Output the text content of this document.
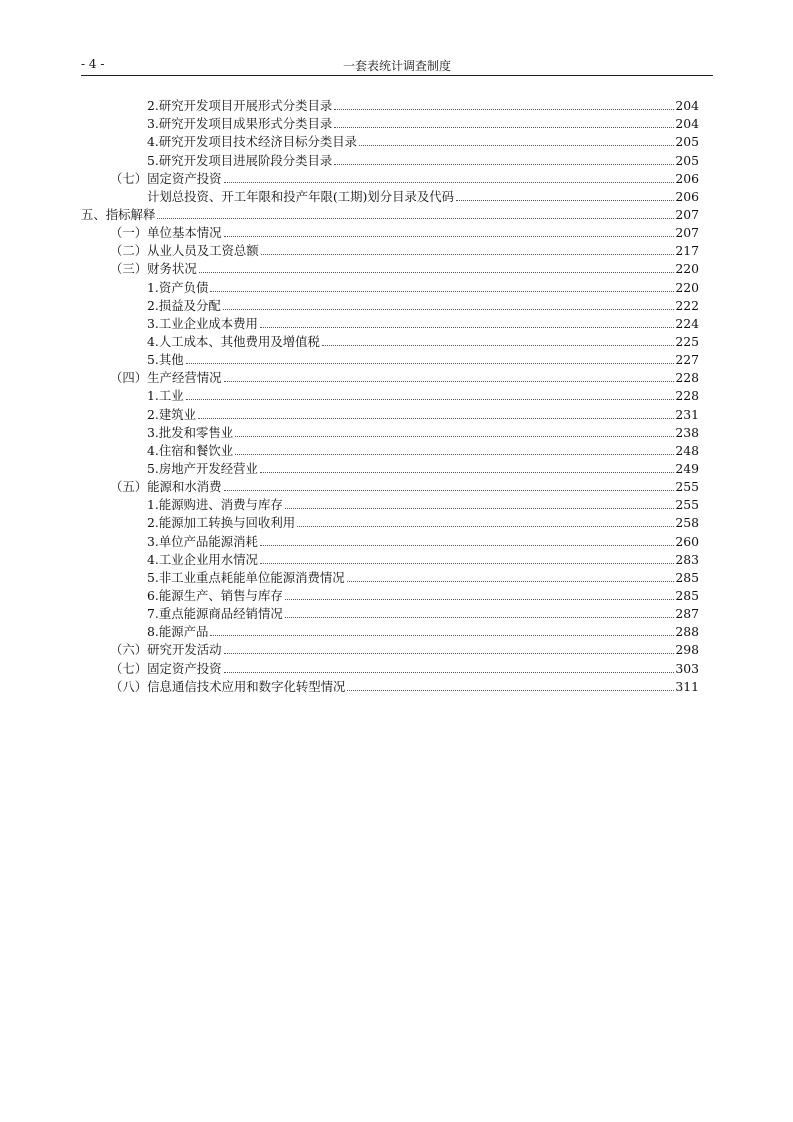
- 4 -	一套表统计调查制度
2.研究开发项目开展形式分类目录	204
3.研究开发项目成果形式分类目录	204
4.研究开发项目技术经济目标分类目录	205
5.研究开发项目进展阶段分类目录	205
（七）固定资产投资	206
计划总投资、开工年限和投产年限(工期)划分目录及代码	206
五、指标解释	207
（一）单位基本情况	207
（二）从业人员及工资总额	217
（三）财务状况	220
1.资产负债	220
2.损益及分配	222
3.工业企业成本费用	224
4.人工成本、其他费用及增值税	225
5.其他	227
（四）生产经营情况	228
1.工业	228
2.建筑业	231
3.批发和零售业	238
4.住宿和餐饮业	248
5.房地产开发经营业	249
（五）能源和水消费	255
1.能源购进、消费与库存	255
2.能源加工转换与回收利用	258
3.单位产品能源消耗	260
4.工业企业用水情况	283
5.非工业重点耗能单位能源消费情况	285
6.能源生产、销售与库存	285
7.重点能源商品经销情况	287
8.能源产品	288
（六）研究开发活动	298
（七）固定资产投资	303
（八）信息通信技术应用和数字化转型情况	311
